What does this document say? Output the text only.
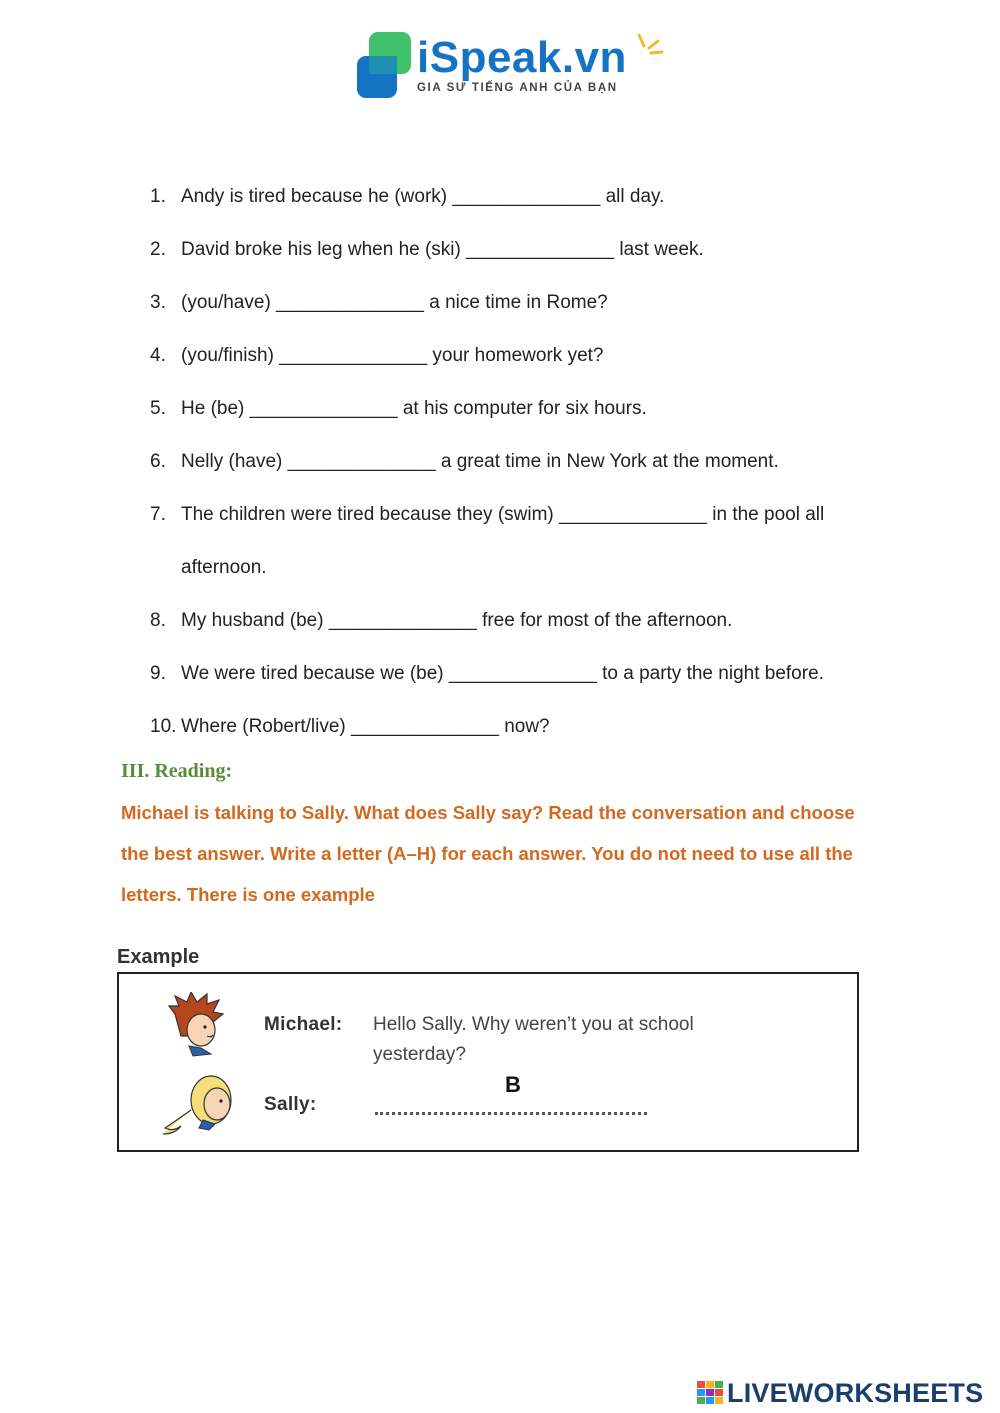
iSpeak.vn
GIA SƯ TIẾNG ANH CỦA BẠN
1. Andy is tired because he (work) ______________ all day.
2. David broke his leg when he (ski) ______________ last week.
3. (you/have) ______________ a nice time in Rome?
4. (you/finish) ______________ your homework yet?
5. He (be) ______________ at his computer for six hours.
6. Nelly (have) ______________ a great time in New York at the moment.
7. The children were tired because they (swim) ______________ in the pool all
afternoon.
8. My husband (be) ______________ free for most of the afternoon.
9. We were tired because we (be) ______________ to a party the night before.
10. Where (Robert/live) ______________ now?
III. Reading:
Michael is talking to Sally. What does Sally say? Read the conversation and choose the best answer. Write a letter (A–H) for each answer. You do not need to use all the letters. There is one example
Example
Michael: Hello Sally. Why weren’t you at school yesterday?
B
Sally:
LIVEWORKSHEETS
